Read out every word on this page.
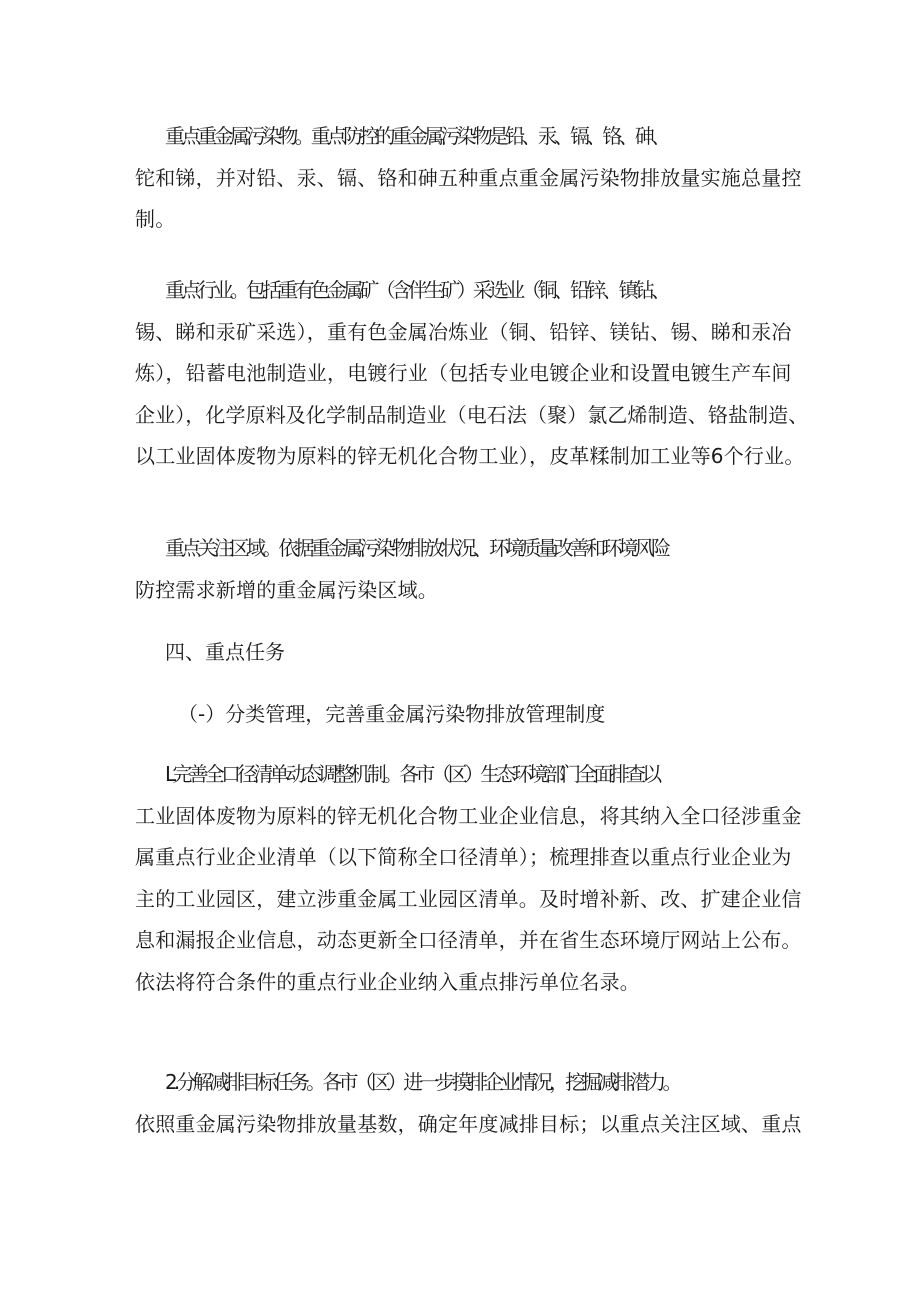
重点重金属污染物。重点防控的重金属污染物是铅、汞、镉、铬、砷、
铊和锑，并对铅、汞、镉、铬和砷五种重点重金属污染物排放量实施总量控
制。
重点行业。包括重有色金属矿（含伴生矿）采选业（铜、铅锌、镇钻、
锡、睇和汞矿采选），重有色金属冶炼业（铜、铅锌、镁钻、锡、睇和汞冶
炼），铅蓄电池制造业，电镀行业（包括专业电镀企业和设置电镀生产车间
企业），化学原料及化学制品制造业（电石法（聚）氯乙烯制造、铬盐制造、
以工业固体废物为原料的锌无机化合物工业），皮革糅制加工业等6个行业。
重点关注区域。依据重金属污染物排放状况、环境质量改善和环境风险
防控需求新增的重金属污染区域。
四、重点任务
（-）分类管理，完善重金属污染物排放管理制度
L完善全口径清单动态调整机制。各市（区）生态环境部门全面排查以
工业固体废物为原料的锌无机化合物工业企业信息，将其纳入全口径涉重金
属重点行业企业清单（以下简称全口径清单）；梳理排查以重点行业企业为
主的工业园区，建立涉重金属工业园区清单。及时增补新、改、扩建企业信
息和漏报企业信息，动态更新全口径清单，并在省生态环境厅网站上公布。
依法将符合条件的重点行业企业纳入重点排污单位名录。
2.分解减排目标任务。各市（区）进一步摸排企业情况，挖掘减排潜力。
依照重金属污染物排放量基数，确定年度减排目标；以重点关注区域、重点
